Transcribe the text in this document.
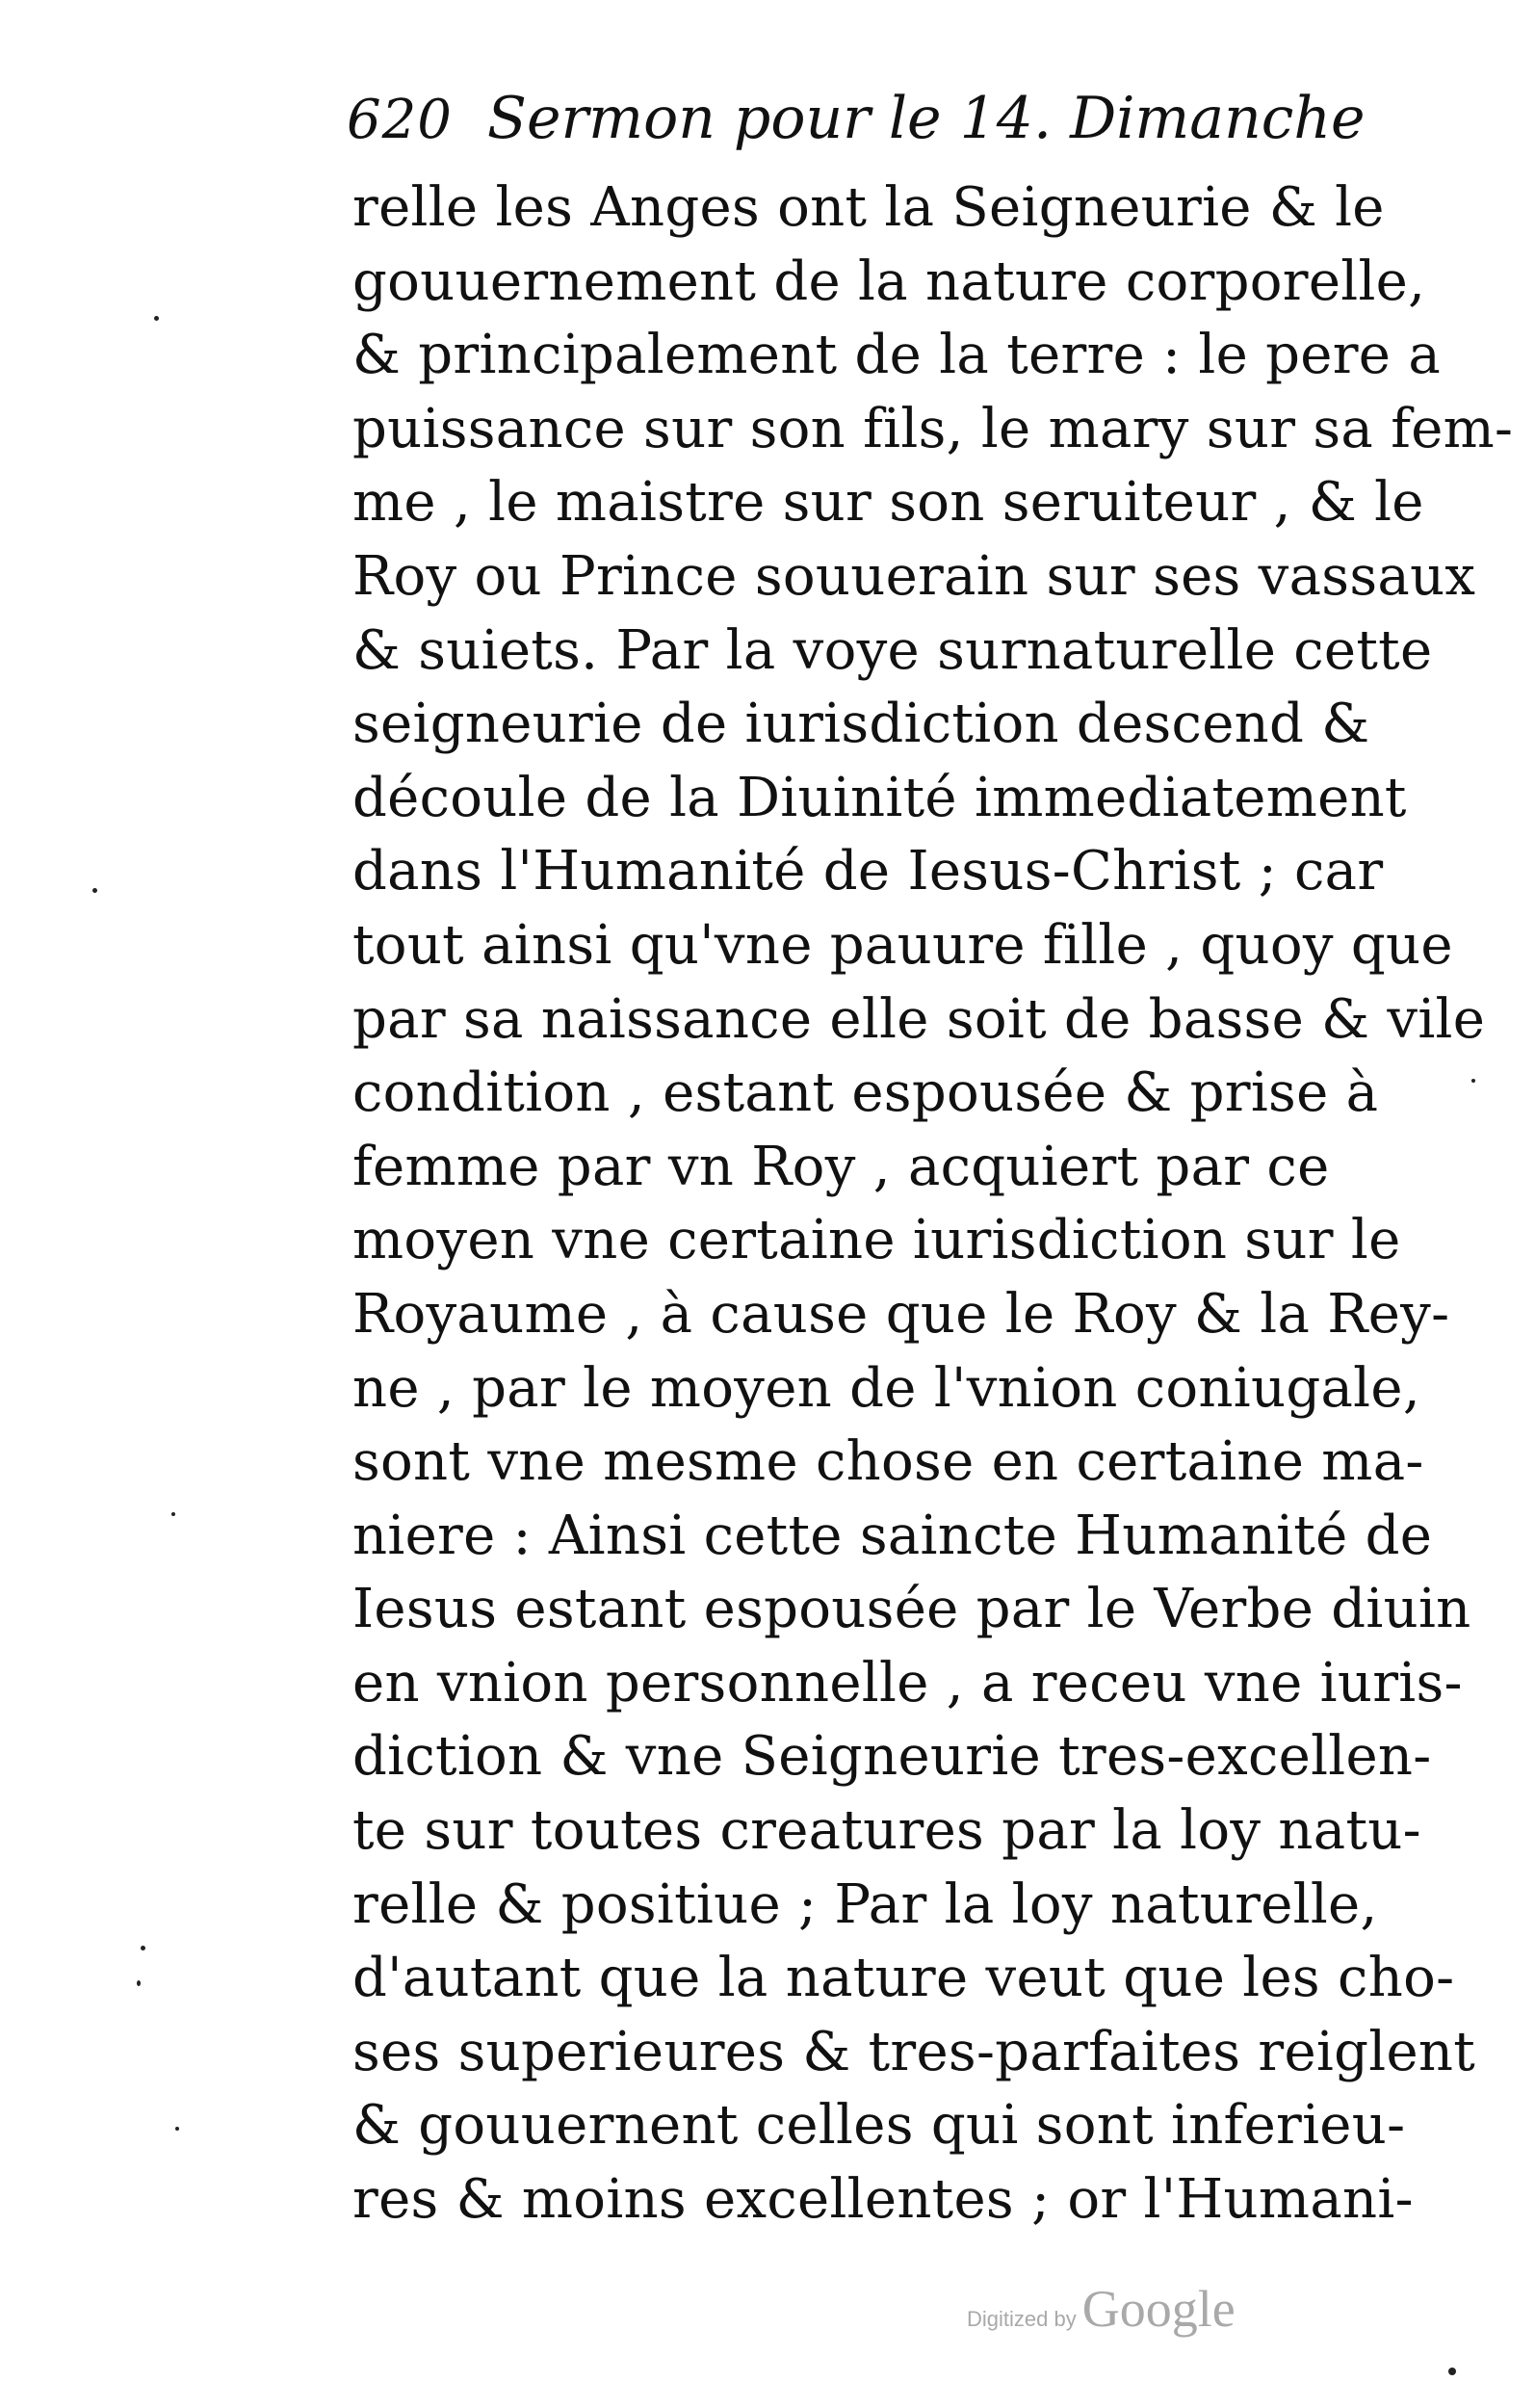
620 Sermon pour le 14. Dimanche
relle les Anges ont la Seigneurie & le
gouuernement de la nature corporelle,
& principalement de la terre : le pere a
puissance sur son fils, le mary sur sa fem-
me , le maistre sur son seruiteur , & le
Roy ou Prince souuerain sur ses vassaux
& suiets. Par la voye surnaturelle cette
seigneurie de iurisdiction descend &
découle de la Diuinité immediatement
dans l'Humanité de Iesus-Christ ; car
tout ainsi qu'vne pauure fille , quoy que
par sa naissance elle soit de basse & vile
condition , estant espousée & prise à
femme par vn Roy , acquiert par ce
moyen vne certaine iurisdiction sur le
Royaume , à cause que le Roy & la Rey-
ne , par le moyen de l'vnion coniugale,
sont vne mesme chose en certaine ma-
niere : Ainsi cette saincte Humanité de
Iesus estant espousée par le Verbe diuin
en vnion personnelle , a receu vne iuris-
diction & vne Seigneurie tres-excellen-
te sur toutes creatures par la loy natu-
relle & positiue ; Par la loy naturelle,
d'autant que la nature veut que les cho-
ses superieures & tres-parfaites reiglent
& gouuernent celles qui sont inferieu-
res & moins excellentes ; or l'Humani-
Digitized by Google
